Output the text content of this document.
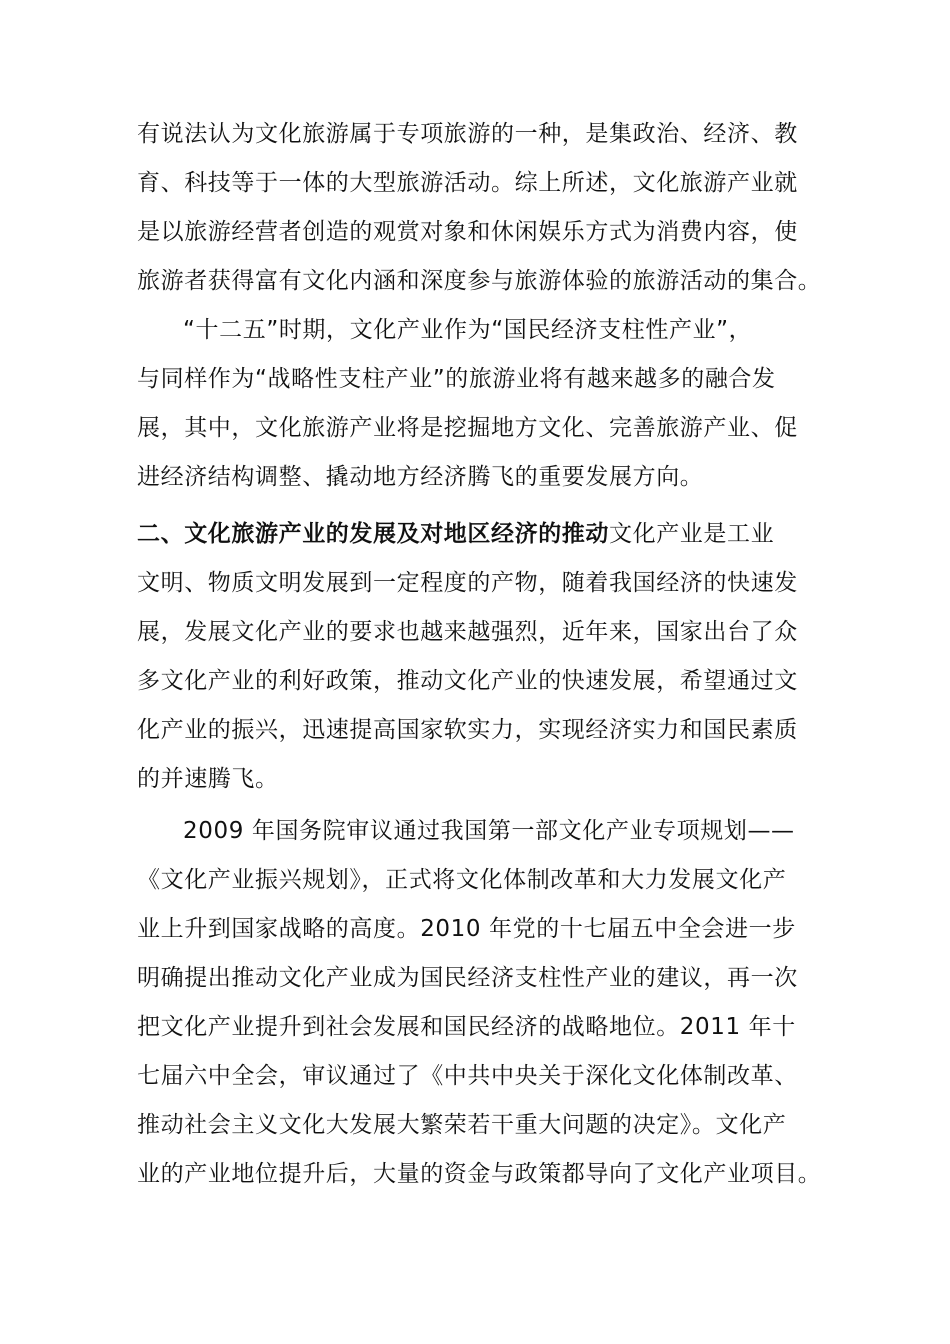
有说法认为文化旅游属于专项旅游的一种，是集政治、经济、教
育、科技等于一体的大型旅游活动。综上所述，文化旅游产业就
是以旅游经营者创造的观赏对象和休闲娱乐方式为消费内容，使
旅游者获得富有文化内涵和深度参与旅游体验的旅游活动的集合。
“十二五”时期，文化产业作为“国民经济支柱性产业”，
与同样作为“战略性支柱产业”的旅游业将有越来越多的融合发
展，其中，文化旅游产业将是挖掘地方文化、完善旅游产业、促
进经济结构调整、撬动地方经济腾飞的重要发展方向。
二、文化旅游产业的发展及对地区经济的推动文化产业是工业
文明、物质文明发展到一定程度的产物，随着我国经济的快速发
展，发展文化产业的要求也越来越强烈，近年来，国家出台了众
多文化产业的利好政策，推动文化产业的快速发展，希望通过文
化产业的振兴，迅速提高国家软实力，实现经济实力和国民素质
的并速腾飞。
2009 年国务院审议通过我国第一部文化产业专项规划——
《文化产业振兴规划》，正式将文化体制改革和大力发展文化产
业上升到国家战略的高度。2010 年党的十七届五中全会进一步
明确提出推动文化产业成为国民经济支柱性产业的建议，再一次
把文化产业提升到社会发展和国民经济的战略地位。2011 年十
七届六中全会，审议通过了《中共中央关于深化文化体制改革、
推动社会主义文化大发展大繁荣若干重大问题的决定》。文化产
业的产业地位提升后，大量的资金与政策都导向了文化产业项目。
